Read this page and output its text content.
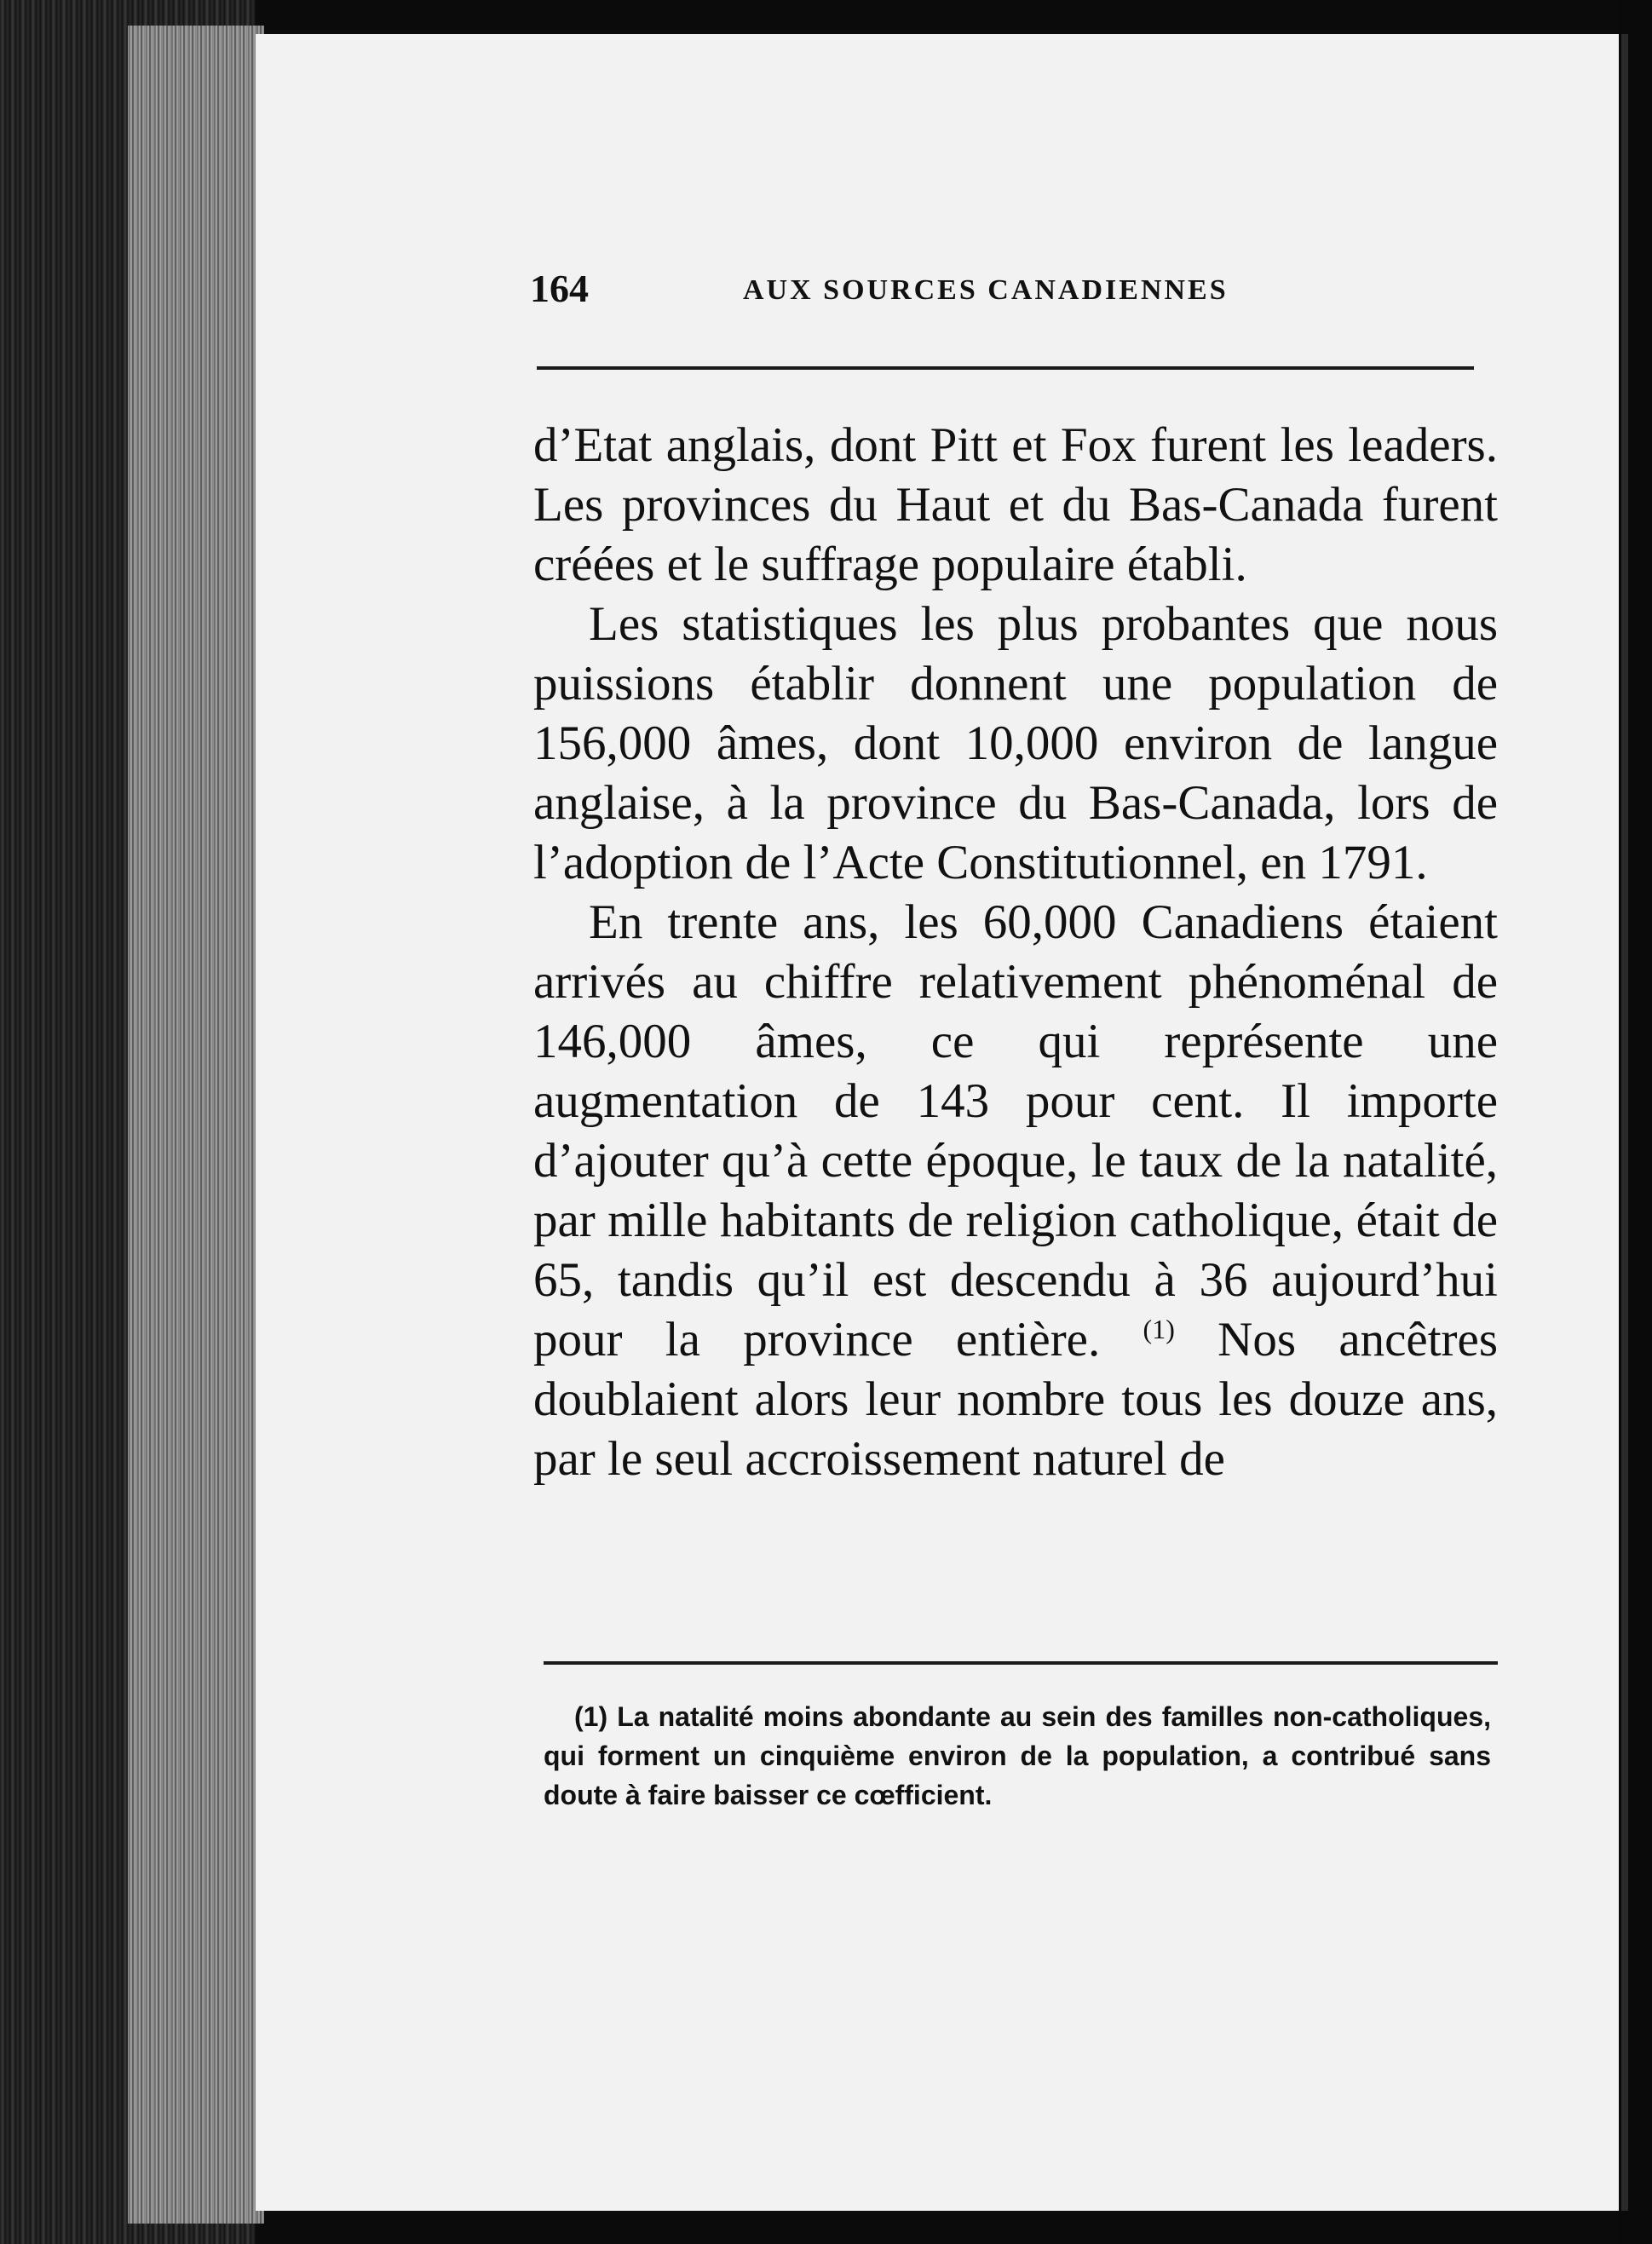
164	AUX SOURCES CANADIENNES

d’Etat anglais, dont Pitt et Fox furent les leaders. Les provinces du Haut et du Bas-Canada furent créées et le suffrage populaire établi.

Les statistiques les plus probantes que nous puissions établir donnent une population de 156,000 âmes, dont 10,000 environ de langue anglaise, à la province du Bas-Canada, lors de l’adoption de l’Acte Constitutionnel, en 1791.

En trente ans, les 60,000 Canadiens étaient arrivés au chiffre relativement phénoménal de 146,000 âmes, ce qui représente une augmentation de 143 pour cent. Il importe d’ajouter qu’à cette époque, le taux de la natalité, par mille habitants de religion catholique, était de 65, tandis qu’il est descendu à 36 aujourd’hui pour la province entière. $^{(1)}$ Nos ancêtres doublaient alors leur nombre tous les douze ans, par le seul accroissement naturel de

(1) La natalité moins abondante au sein des familles non-catholiques, qui forment un cinquième environ de la population, a contribué sans doute à faire baisser ce cœfficient.
